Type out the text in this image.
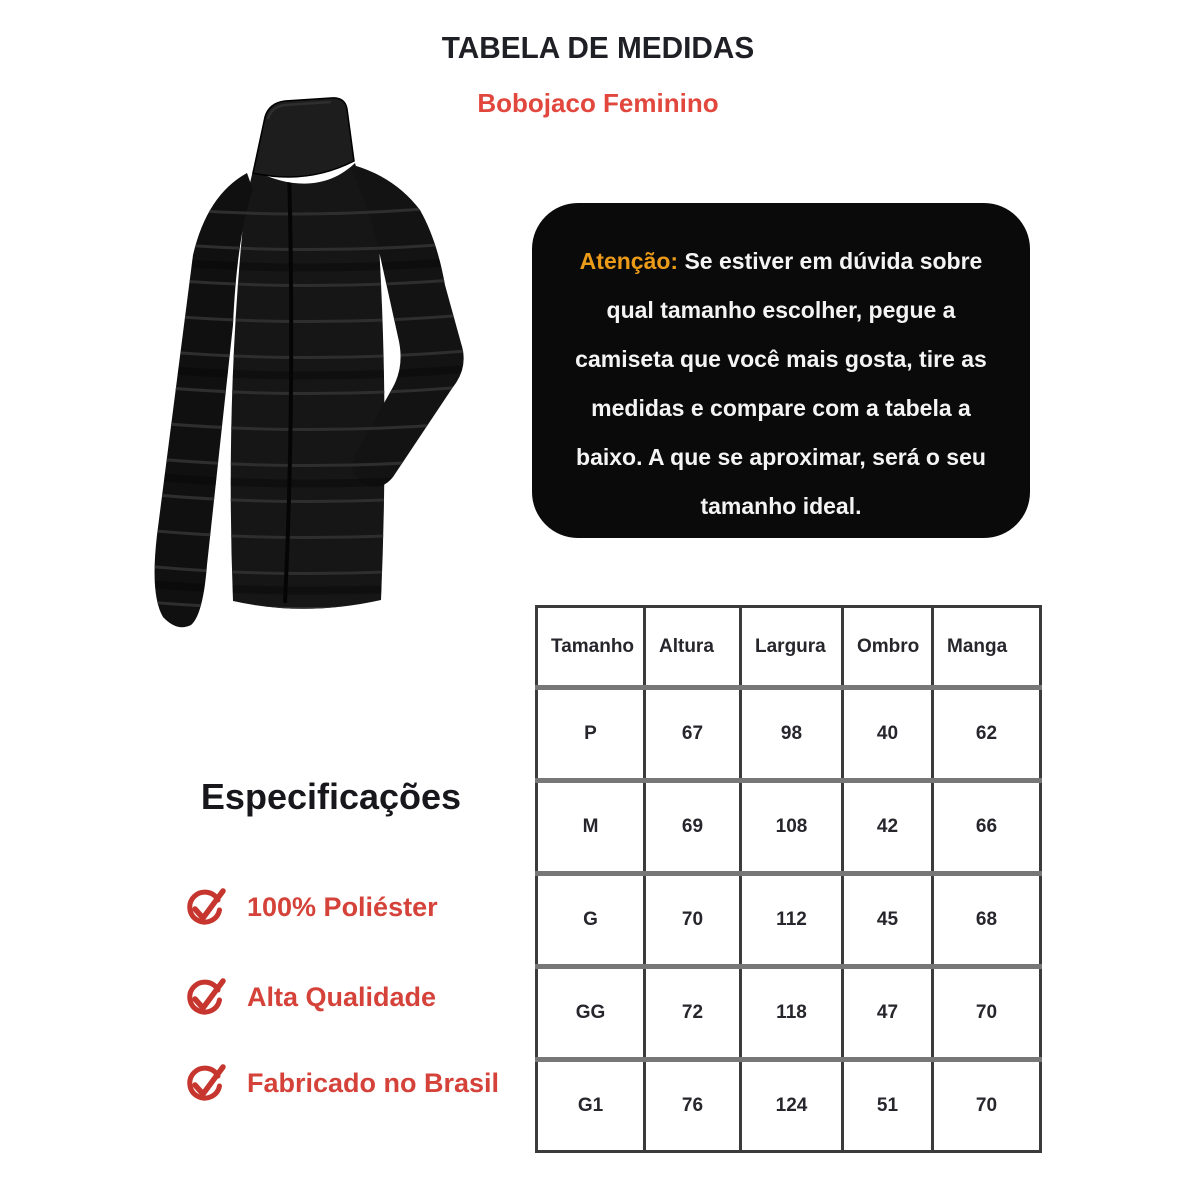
TABELA DE MEDIDAS
Bobojaco Feminino

Atenção: Se estiver em dúvida sobre qual tamanho escolher, pegue a camiseta que você mais gosta, tire as medidas e compare com a tabela a baixo. A que se aproximar, será o seu tamanho ideal.

Tamanho	Altura	Largura	Ombro	Manga
P	67	98	40	62
M	69	108	42	66
G	70	112	45	68
GG	72	118	47	70
G1	76	124	51	70
Especificações
100% Poliéster
Alta Qualidade
Fabricado no Brasil
